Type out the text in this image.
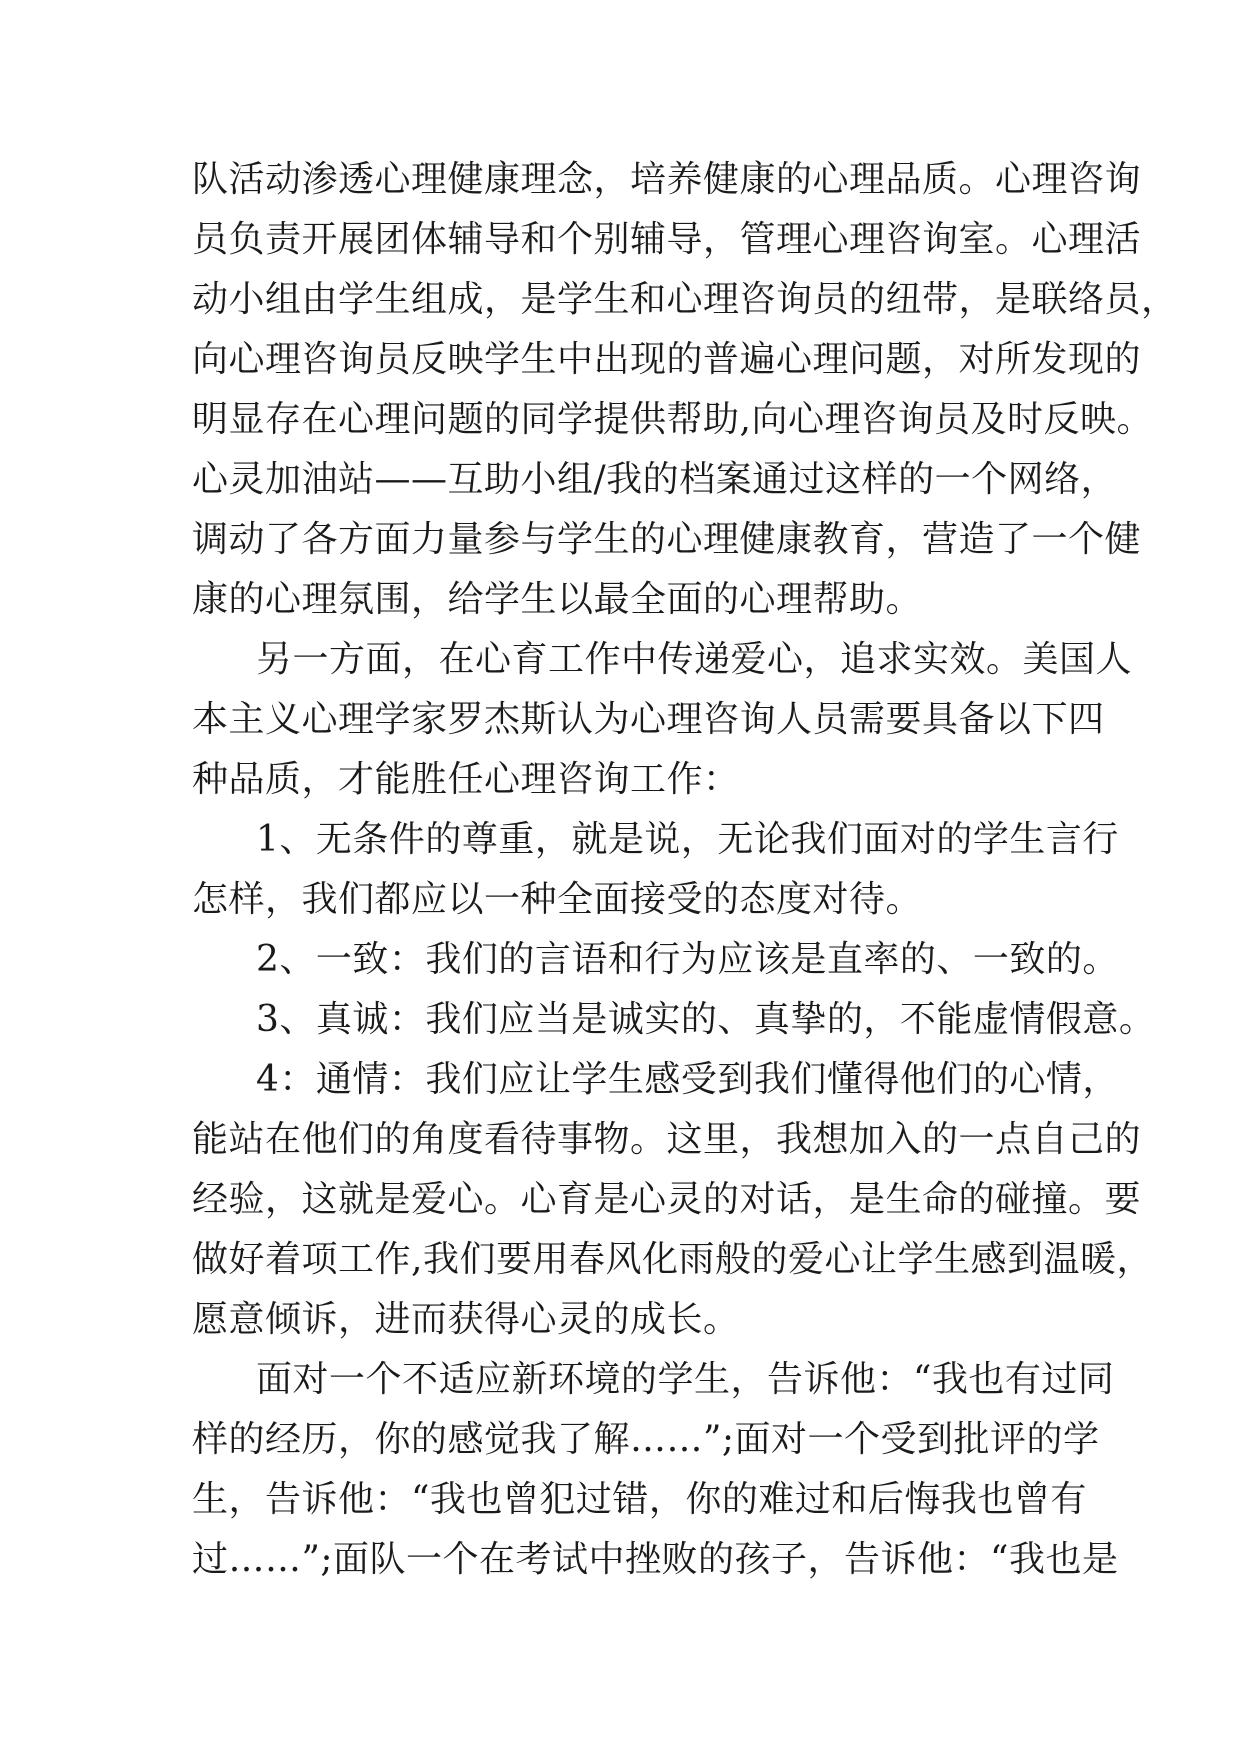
队活动渗透心理健康理念，培养健康的心理品质。心理咨询
员负责开展团体辅导和个别辅导，管理心理咨询室。心理活
动小组由学生组成，是学生和心理咨询员的纽带，是联络员，
向心理咨询员反映学生中出现的普遍心理问题，对所发现的
明显存在心理问题的同学提供帮助,向心理咨询员及时反映。
心灵加油站——互助小组/我的档案通过这样的一个网络，
调动了各方面力量参与学生的心理健康教育，营造了一个健
康的心理氛围，给学生以最全面的心理帮助。
另一方面，在心育工作中传递爱心，追求实效。美国人
本主义心理学家罗杰斯认为心理咨询人员需要具备以下四
种品质，才能胜任心理咨询工作：
1、无条件的尊重，就是说，无论我们面对的学生言行
怎样，我们都应以一种全面接受的态度对待。
2、一致：我们的言语和行为应该是直率的、一致的。
3、真诚：我们应当是诚实的、真挚的，不能虚情假意。
4：通情：我们应让学生感受到我们懂得他们的心情，
能站在他们的角度看待事物。这里，我想加入的一点自己的
经验，这就是爱心。心育是心灵的对话，是生命的碰撞。要
做好着项工作,我们要用春风化雨般的爱心让学生感到温暖，
愿意倾诉，进而获得心灵的成长。
面对一个不适应新环境的学生，告诉他：“我也有过同
样的经历，你的感觉我了解……”;面对一个受到批评的学
生，告诉他：“我也曾犯过错，你的难过和后悔我也曾有
过……”;面队一个在考试中挫败的孩子，告诉他：“我也是
